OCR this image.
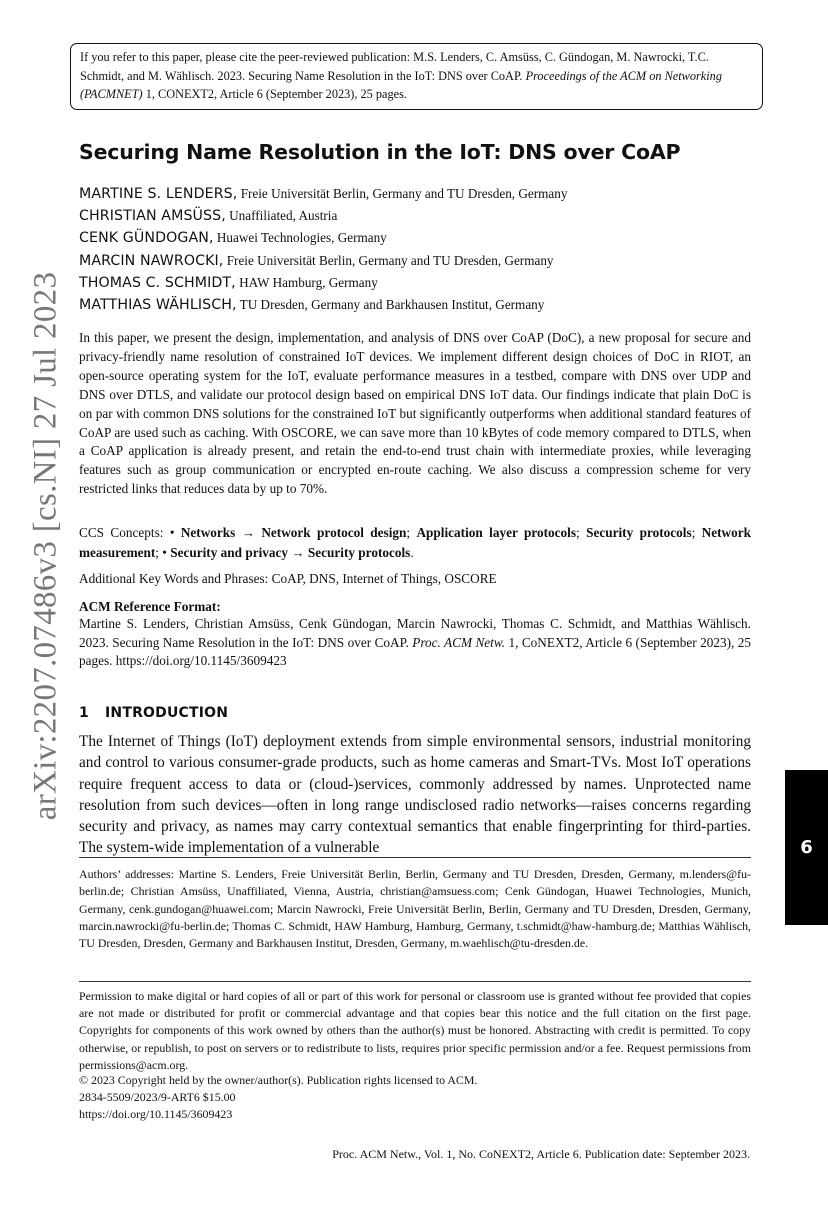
If you refer to this paper, please cite the peer-reviewed publication: M.S. Lenders, C. Amsüss, C. Gündogan, M. Nawrocki, T.C. Schmidt, and M. Wählisch. 2023. Securing Name Resolution in the IoT: DNS over CoAP. Proceedings of the ACM on Networking (PACMNET) 1, CONEXT2, Article 6 (September 2023), 25 pages.
Securing Name Resolution in the IoT: DNS over CoAP
MARTINE S. LENDERS, Freie Universität Berlin, Germany and TU Dresden, Germany
CHRISTIAN AMSÜSS, Unaffiliated, Austria
CENK GÜNDOGAN, Huawei Technologies, Germany
MARCIN NAWROCKI, Freie Universität Berlin, Germany and TU Dresden, Germany
THOMAS C. SCHMIDT, HAW Hamburg, Germany
MATTHIAS WÄHLISCH, TU Dresden, Germany and Barkhausen Institut, Germany

In this paper, we present the design, implementation, and analysis of DNS over CoAP (DoC), a new proposal for secure and privacy-friendly name resolution of constrained IoT devices. We implement different design choices of DoC in RIOT, an open-source operating system for the IoT, evaluate performance measures in a testbed, compare with DNS over UDP and DNS over DTLS, and validate our protocol design based on empirical DNS IoT data. Our findings indicate that plain DoC is on par with common DNS solutions for the constrained IoT but significantly outperforms when additional standard features of CoAP are used such as caching. With OSCORE, we can save more than 10 kBytes of code memory compared to DTLS, when a CoAP application is already present, and retain the end-to-end trust chain with intermediate proxies, while leveraging features such as group communication or encrypted en-route caching. We also discuss a compression scheme for very restricted links that reduces data by up to 70%.

CCS Concepts: • Networks → Network protocol design; Application layer protocols; Security protocols; Network measurement; • Security and privacy → Security protocols.

Additional Key Words and Phrases: CoAP, DNS, Internet of Things, OSCORE

ACM Reference Format:

Martine S. Lenders, Christian Amsüss, Cenk Gündogan, Marcin Nawrocki, Thomas C. Schmidt, and Matthias Wählisch. 2023. Securing Name Resolution in the IoT: DNS over CoAP. Proc. ACM Netw. 1, CoNEXT2, Article 6 (September 2023), 25 pages. https://doi.org/10.1145/3609423

1 INTRODUCTION

The Internet of Things (IoT) deployment extends from simple environmental sensors, industrial monitoring and control to various consumer-grade products, such as home cameras and Smart-TVs. Most IoT operations require frequent access to data or (cloud-)services, commonly addressed by names. Unprotected name resolution from such devices—often in long range undisclosed radio networks—raises concerns regarding security and privacy, as names may carry contextual semantics that enable fingerprinting for third-parties. The system-wide implementation of a vulnerable

Authors’ addresses: Martine S. Lenders, Freie Universität Berlin, Berlin, Germany and TU Dresden, Dresden, Germany, m.lenders@fu-berlin.de; Christian Amsüss, Unaffiliated, Vienna, Austria, christian@amsuess.com; Cenk Gündogan, Huawei Technologies, Munich, Germany, cenk.gundogan@huawei.com; Marcin Nawrocki, Freie Universität Berlin, Berlin, Germany and TU Dresden, Dresden, Germany, marcin.nawrocki@fu-berlin.de; Thomas C. Schmidt, HAW Hamburg, Hamburg, Germany, t.schmidt@haw-hamburg.de; Matthias Wählisch, TU Dresden, Dresden, Germany and Barkhausen Institut, Dresden, Germany, m.waehlisch@tu-dresden.de.

Permission to make digital or hard copies of all or part of this work for personal or classroom use is granted without fee provided that copies are not made or distributed for profit or commercial advantage and that copies bear this notice and the full citation on the first page. Copyrights for components of this work owned by others than the author(s) must be honored. Abstracting with credit is permitted. To copy otherwise, or republish, to post on servers or to redistribute to lists, requires prior specific permission and/or a fee. Request permissions from permissions@acm.org.

© 2023 Copyright held by the owner/author(s). Publication rights licensed to ACM.
2834-5509/2023/9-ART6 $15.00
https://doi.org/10.1145/3609423
Proc. ACM Netw., Vol. 1, No. CoNEXT2, Article 6. Publication date: September 2023.
6
arXiv:2207.07486v3 [cs.NI] 27 Jul 2023
